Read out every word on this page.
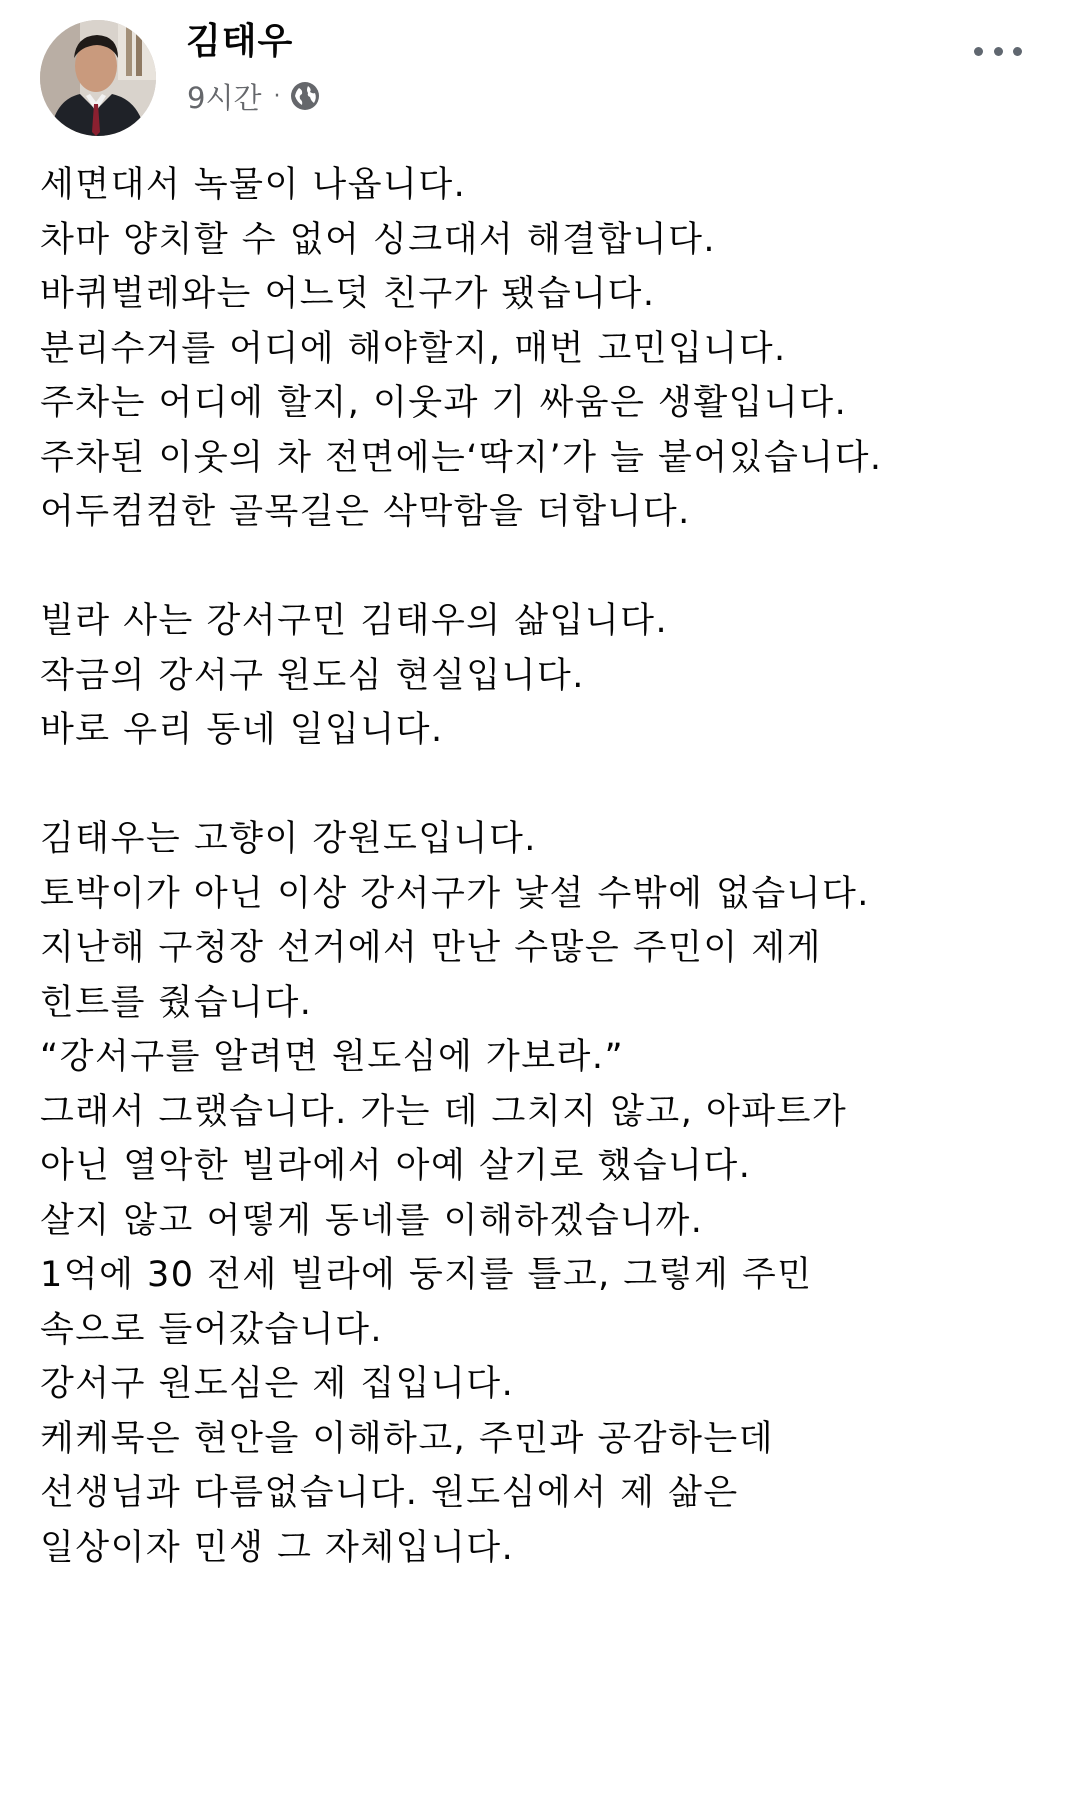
김태우
9시간 ·
세면대서 녹물이 나옵니다.
차마 양치할 수 없어 싱크대서 해결합니다.
바퀴벌레와는 어느덧 친구가 됐습니다.
분리수거를 어디에 해야할지, 매번 고민입니다.
주차는 어디에 할지, 이웃과 기 싸움은 생활입니다.
주차된 이웃의 차 전면에는‘딱지’가 늘 붙어있습니다.
어두컴컴한 골목길은 삭막함을 더합니다.
빌라 사는 강서구민 김태우의 삶입니다.
작금의 강서구 원도심 현실입니다.
바로 우리 동네 일입니다.
김태우는 고향이 강원도입니다.
토박이가 아닌 이상 강서구가 낯설 수밖에 없습니다.
지난해 구청장 선거에서 만난 수많은 주민이 제게
힌트를 줬습니다.
“강서구를 알려면 원도심에 가보라.”
그래서 그랬습니다. 가는 데 그치지 않고, 아파트가
아닌 열악한 빌라에서 아예 살기로 했습니다.
살지 않고 어떻게 동네를 이해하겠습니까.
1억에 30 전세 빌라에 둥지를 틀고, 그렇게 주민
속으로 들어갔습니다.
강서구 원도심은 제 집입니다.
케케묵은 현안을 이해하고, 주민과 공감하는데
선생님과 다름없습니다. 원도심에서 제 삶은
일상이자 민생 그 자체입니다.
